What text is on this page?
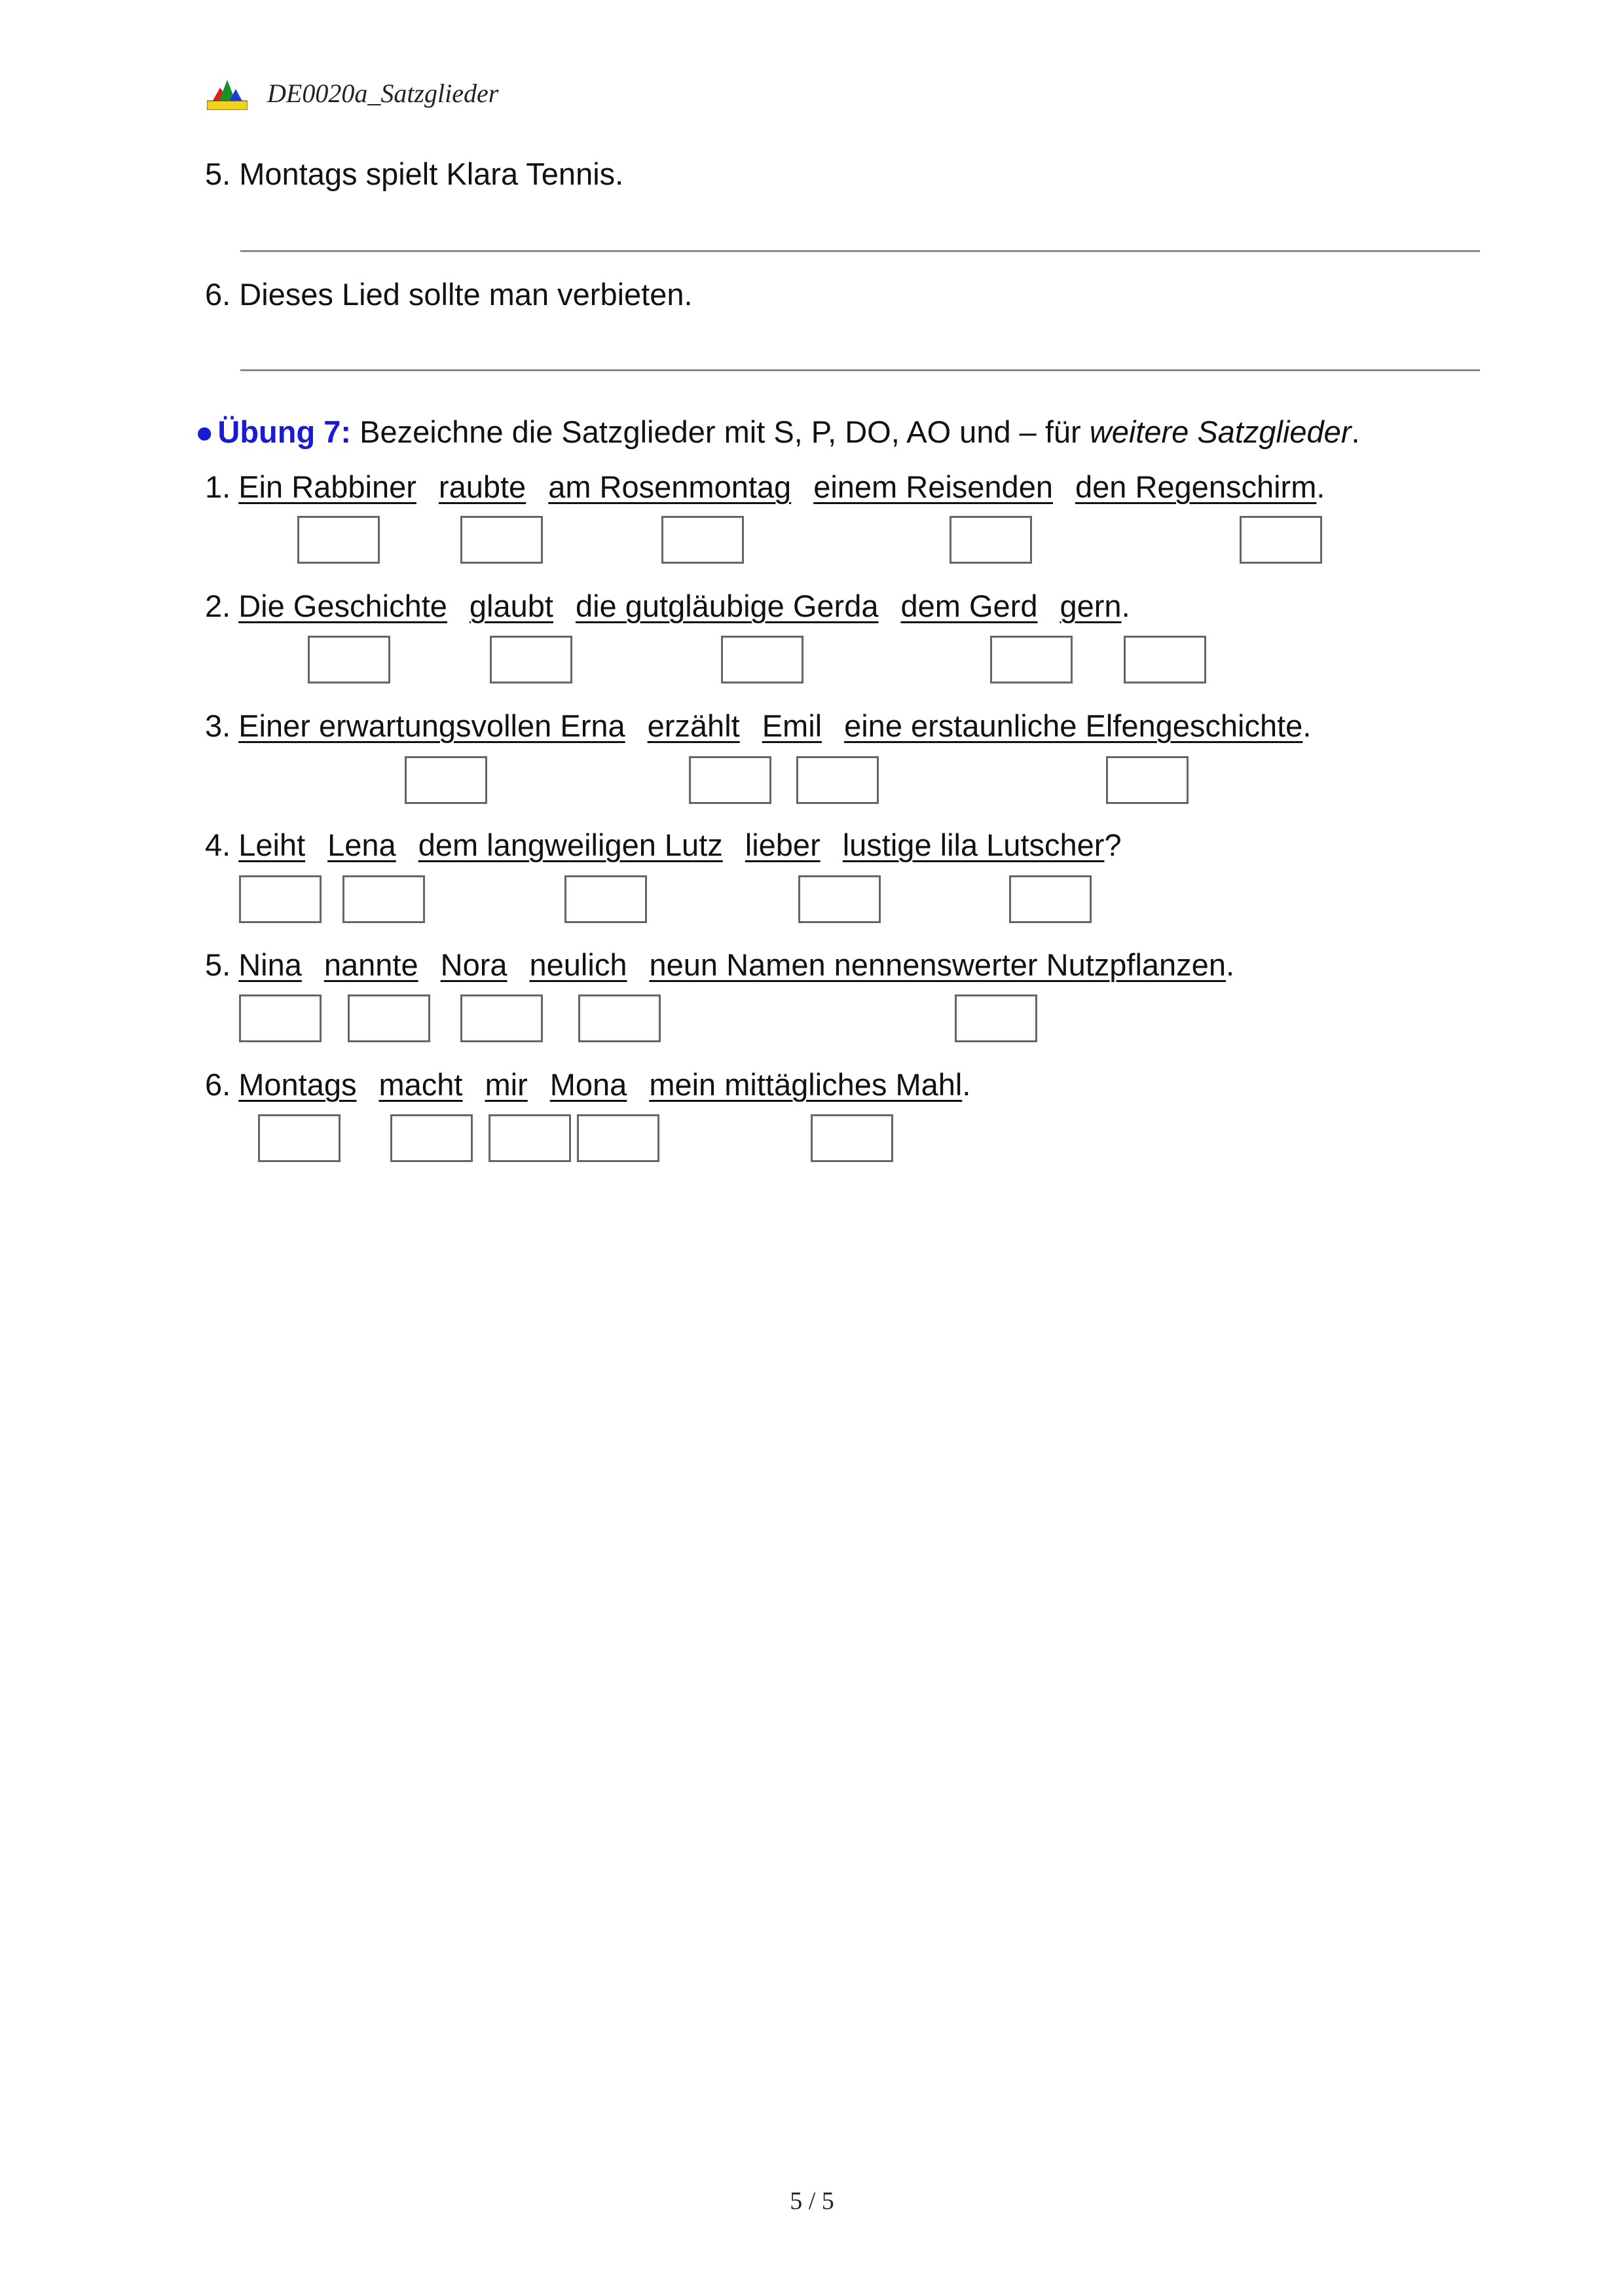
DE0020a_Satzglieder
5. Montags spielt Klara Tennis.
6. Dieses Lied sollte man verbieten.
● Übung 7: Bezeichne die Satzglieder mit S, P, DO, AO und – für weitere Satzglieder.
1. Ein Rabbiner raubte am Rosenmontag einem Reisenden den Regenschirm.
2. Die Geschichte glaubt die gutgläubige Gerda dem Gerd gern.
3. Einer erwartungsvollen Erna erzählt Emil eine erstaunliche Elfengeschichte.
4. Leiht Lena dem langweiligen Lutz lieber lustige lila Lutscher?
5. Nina nannte Nora neulich neun Namen nennenswerter Nutzpflanzen.
6. Montags macht mir Mona mein mittägliches Mahl.
5 / 5
